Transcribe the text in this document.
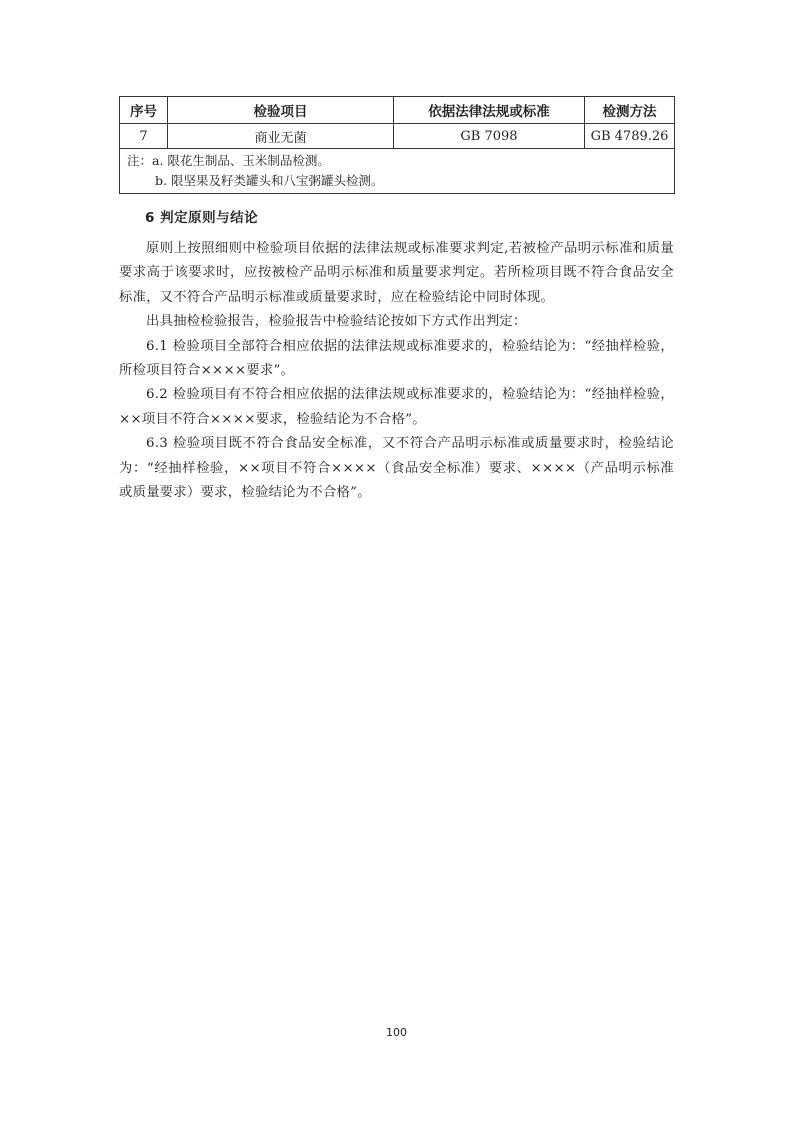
序号	检验项目	依据法律法规或标准	检测方法
7	商业无菌	GB 7098	GB 4789.26

注：a. 限花生制品、玉米制品检测。
b. 限坚果及籽类罐头和八宝粥罐头检测。			
6 判定原则与结论

原则上按照细则中检验项目依据的法律法规或标准要求判定,若被检产品明示标准和质量要求高于该要求时，应按被检产品明示标准和质量要求判定。若所检项目既不符合食品安全标准，又不符合产品明示标准或质量要求时，应在检验结论中同时体现。

出具抽检检验报告，检验报告中检验结论按如下方式作出判定：

6.1 检验项目全部符合相应依据的法律法规或标准要求的，检验结论为：“经抽样检验，所检项目符合××××要求”。

6.2 检验项目有不符合相应依据的法律法规或标准要求的，检验结论为：“经抽样检验，××项目不符合××××要求，检验结论为不合格”。

6.3 检验项目既不符合食品安全标准，又不符合产品明示标准或质量要求时，检验结论为：“经抽样检验，××项目不符合××××（食品安全标准）要求、××××（产品明示标准或质量要求）要求，检验结论为不合格”。

100
